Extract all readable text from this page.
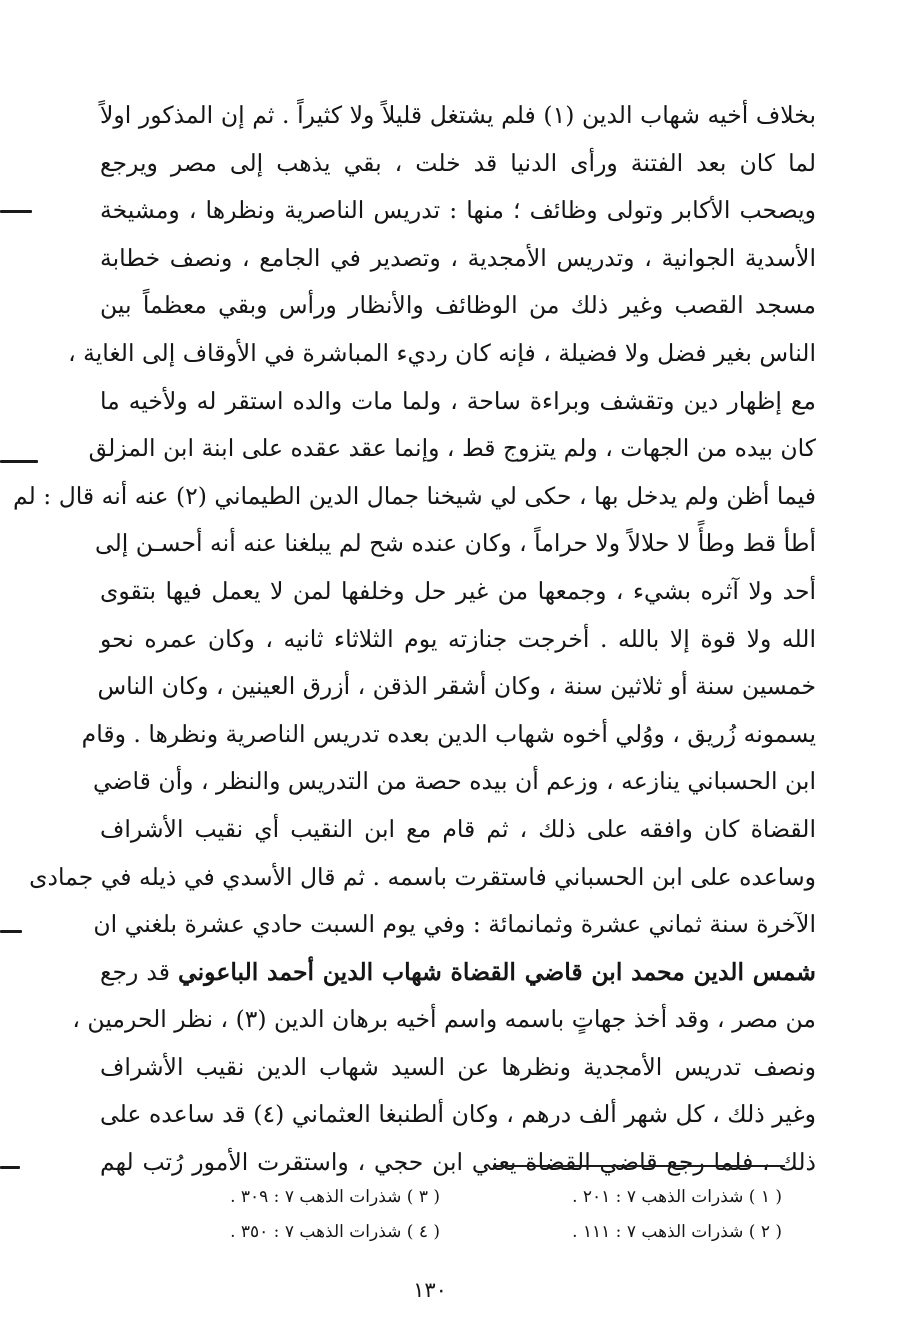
بخلاف أخيه شهاب الدين (١) فلم يشتغل قليلاً ولا كثيراً . ثم إن المذكور اولاً
لما كان بعد الفتنة ورأى الدنيا قد خلت ، بقي يذهب إلى مصر ويرجع
ويصحب الأكابر وتولى وظائف ؛ منها : تدريس الناصرية ونظرها ، ومشيخة
الأسدية الجوانية ، وتدريس الأمجدية ، وتصدير في الجامع ، ونصف خطابة
مسجد القصب وغير ذلك من الوظائف والأنظار ورأس وبقي معظماً بين
الناس بغير فضل ولا فضيلة ، فإنه كان رديء المباشرة في الأوقاف إلى الغاية ،
مع إظهار دين وتقشف وبراءة ساحة ، ولما مات والده استقر له ولأخيه ما
كان بيده من الجهات ، ولم يتزوج قط ، وإنما عقد عقده على ابنة ابن المزلق
فيما أظن ولم يدخل بها ، حكى لي شيخنا جمال الدين الطيماني (٢) عنه أنه قال : لم
أطأ قط وطأً لا حلالاً ولا حراماً ، وكان عنده شح لم يبلغنا عنه أنه أحسـن إلى
أحد ولا آثره بشيء ، وجمعها من غير حل وخلفها لمن لا يعمل فيها بتقوى
الله ولا قوة إلا بالله . أخرجت جنازته يوم الثلاثاء ثانيه ، وكان عمره نحو
خمسين سنة أو ثلاثين سنة ، وكان أشقر الذقن ، أزرق العينين ، وكان الناس
يسمونه زُريق ، ووُلي أخوه شهاب الدين بعده تدريس الناصرية ونظرها . وقام
ابن الحسباني ينازعه ، وزعم أن بيده حصة من التدريس والنظر ، وأن قاضي
القضاة كان وافقه على ذلك ، ثم قام مع ابن النقيب أي نقيب الأشراف
وساعده على ابن الحسباني فاستقرت باسمه . ثم قال الأسدي في ذيله في جمادى
الآخرة سنة ثماني عشرة وثمانمائة : وفي يوم السبت حادي عشرة بلغني ان
شمس الدين محمد ابن قاضي القضاة شهاب الدين أحمد الباعوني قد رجع
من مصر ، وقد أخذ جهاتٍ باسمه واسم أخيه برهان الدين (٣) ، نظر الحرمين ،
ونصف تدريس الأمجدية ونظرها عن السيد شهاب الدين نقيب الأشراف
وغير ذلك ، كل شهر ألف درهم ، وكان ألطنبغا العثماني (٤) قد ساعده على
ذلك ، فلما رجع قاضي القضاة يعني ابن حجي ، واستقرت الأمور رُتب لهم
( ١ ) شذرات الذهب ٧ : ٢٠١ .
( ٢ ) شذرات الذهب ٧ : ١١١ .
( ٣ ) شذرات الذهب ٧ : ٣٠٩ .
( ٤ ) شذرات الذهب ٧ : ٣٥٠ .
١٣٠
